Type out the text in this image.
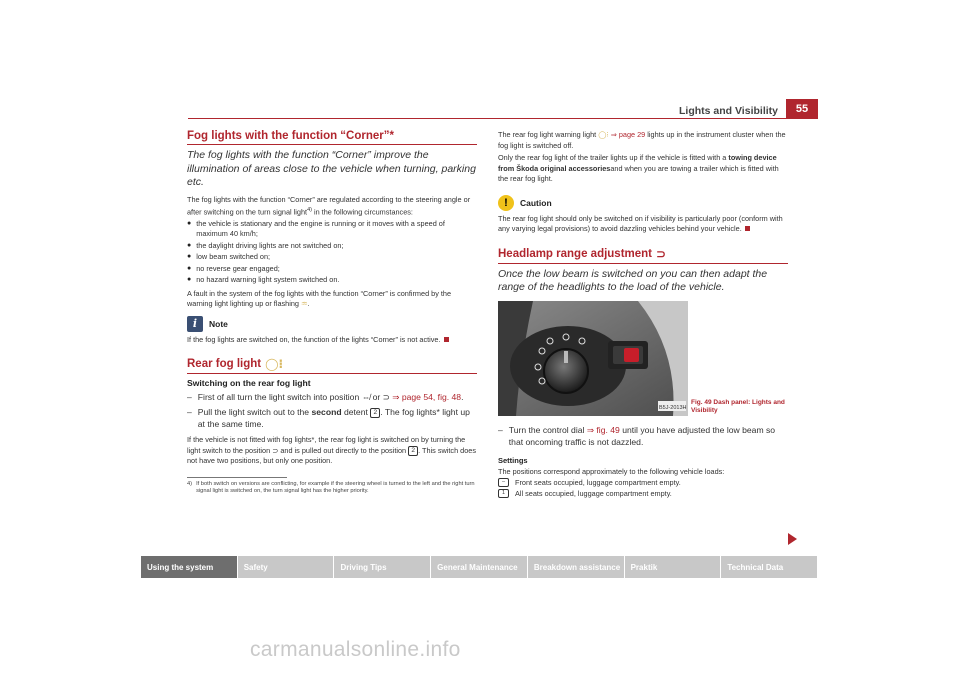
Lights and Visibility	55
Fog lights with the function “Corner”*
The fog lights with the function “Corner” improve the illumination of areas close to the vehicle when turning, parking etc.

The fog lights with the function “Corner” are regulated according to the steering angle or after switching on the turn signal light$^{4)}$ in the following circumstances:

● the vehicle is stationary and the engine is running or it moves with a speed of maximum 40 km/h;

● the daylight driving lights are not switched on;

● low beam switched on;

● no reverse gear engaged;

● no hazard warning light system switched on.

A fault in the system of the fog lights with the function “Corner” is confirmed by the warning light lighting up or flashing ♒.

i	Note

If the fog lights are switched on, the function of the lights “Corner” is not active.

Rear fog light ◯⁝
Switching on the rear fog light
– First of all turn the light switch into position ⇎ or ⊃ ⇒ page 54, fig. 48.
– Pull the light switch out to the second detent 2 . The fog lights* light up at the same time.

If the vehicle is not fitted with fog lights*, the rear fog light is switched on by turning the light switch to the position ⊃ and is pulled out directly to the position 2 . This switch does not have two positions, but only one position.

4) If both switch on versions are conflicting, for example if the steering wheel is turned to the left and the right turn signal light is switched on, the turn signal light has the higher priority.

The rear fog light warning light ◯⁝ ⇒ page 29 lights up in the instrument cluster when the fog light is switched off.

Only the rear fog light of the trailer lights up if the vehicle is fitted with a towing device from Škoda original accessoriesand when you are towing a trailer which is fitted with the rear fog light.

!	Caution

The rear fog light should only be switched on if visibility is particularly poor (conform with any varying legal provisions) to avoid dazzling vehicles behind your vehicle.

Headlamp range adjustment ⊃
Once the low beam is switched on you can then adapt the range of the headlights to the load of the vehicle.
B5J-2013H
Fig. 49 Dash panel: Lights and Visibility
– Turn the control dial ⇒ fig. 49 until you have adjusted the low beam so that oncoming traffic is not dazzled.
Settings

The positions correspond approximately to the following vehicle loads:

–	Front seats occupied, luggage compartment empty.
1	All seats occupied, luggage compartment empty.
Using the system	Safety	Driving Tips	General Maintenance	Breakdown assistance	Praktik	Technical Data
carmanualsonline.info
